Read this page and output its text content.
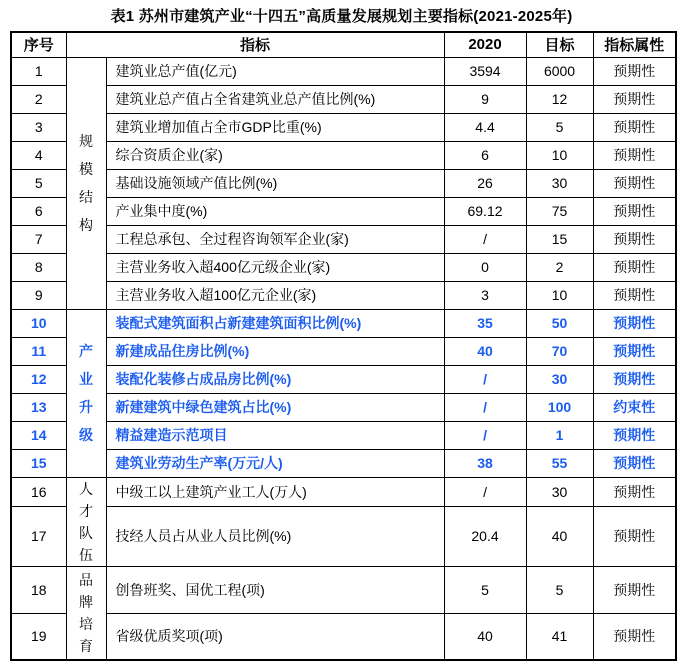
表1 苏州市建筑产业“十四五”高质量发展规划主要指标(2021-2025年)
序号	指标		2020	目标	指标属性
1	规模结构	建筑业总产值(亿元)	3594	6000	预期性
2		建筑业总产值占全省建筑业总产值比例(%)	9	12	预期性
3		建筑业增加值占全市GDP比重(%)	4.4	5	预期性
4		综合资质企业(家)	6	10	预期性
5		基础设施领域产值比例(%)	26	30	预期性
6		产业集中度(%)	69.12	75	预期性
7		工程总承包、全过程咨询领军企业(家)	/	15	预期性
8		主营业务收入超400亿元级企业(家)	0	2	预期性
9		主营业务收入超100亿元企业(家)	3	10	预期性
10	产业升级	装配式建筑面积占新建建筑面积比例(%)	35	50	预期性
11		新建成品住房比例(%)	40	70	预期性
12		装配化装修占成品房比例(%)	/	30	预期性
13		新建建筑中绿色建筑占比(%)	/	100	约束性
14		精益建造示范项目	/	1	预期性
15		建筑业劳动生产率(万元/人)	38	55	预期性
16	人才队伍	中级工以上建筑产业工人(万人)	/	30	预期性
17		技经人员占从业人员比例(%)	20.4	40	预期性
18	品牌培育	创鲁班奖、国优工程(项)	5	5	预期性
19		省级优质奖项(项)	40	41	预期性
